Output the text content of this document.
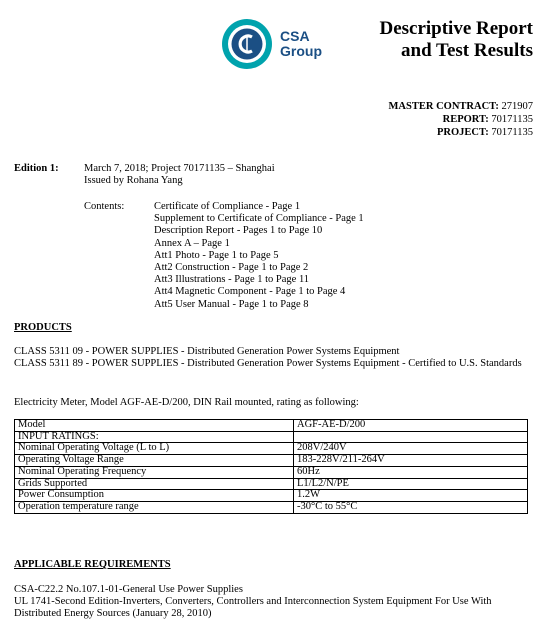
CSA
Group
Descriptive Report
and Test Results
MASTER CONTRACT: 271907
REPORT: 70171135
PROJECT: 70171135
Edition 1:	March 7, 2018; Project 70171135 – Shanghai
Issued by Rohana Yang
Contents:	Certificate of Compliance - Page 1
Supplement to Certificate of Compliance - Page 1
Description Report - Pages 1 to Page 10
Annex A – Page 1
Att1 Photo - Page 1 to Page 5
Att2 Construction - Page 1 to Page 2
Att3 Illustrations - Page 1 to Page 11
Att4 Magnetic Component - Page 1 to Page 4
Att5 User Manual - Page 1 to Page 8
PRODUCTS
CLASS 5311 09 - POWER SUPPLIES - Distributed Generation Power Systems Equipment
CLASS 5311 89 - POWER SUPPLIES - Distributed Generation Power Systems Equipment - Certified to U.S. Standards
Electricity Meter, Model AGF-AE-D/200, DIN Rail mounted, rating as following:
Model	AGF-AE-D/200
INPUT RATINGS:	
Nominal Operating Voltage (L to L)	208V/240V
Operating Voltage Range	183-228V/211-264V
Nominal Operating Frequency	60Hz
Grids Supported	L1/L2/N/PE
Power Consumption	1.2W
Operation temperature range	-30°C to 55°C
APPLICABLE REQUIREMENTS
CSA-C22.2 No.107.1-01-General Use Power Supplies
UL 1741-Second Edition-Inverters, Converters, Controllers and Interconnection System Equipment For Use With Distributed Energy Sources (January 28, 2010)
